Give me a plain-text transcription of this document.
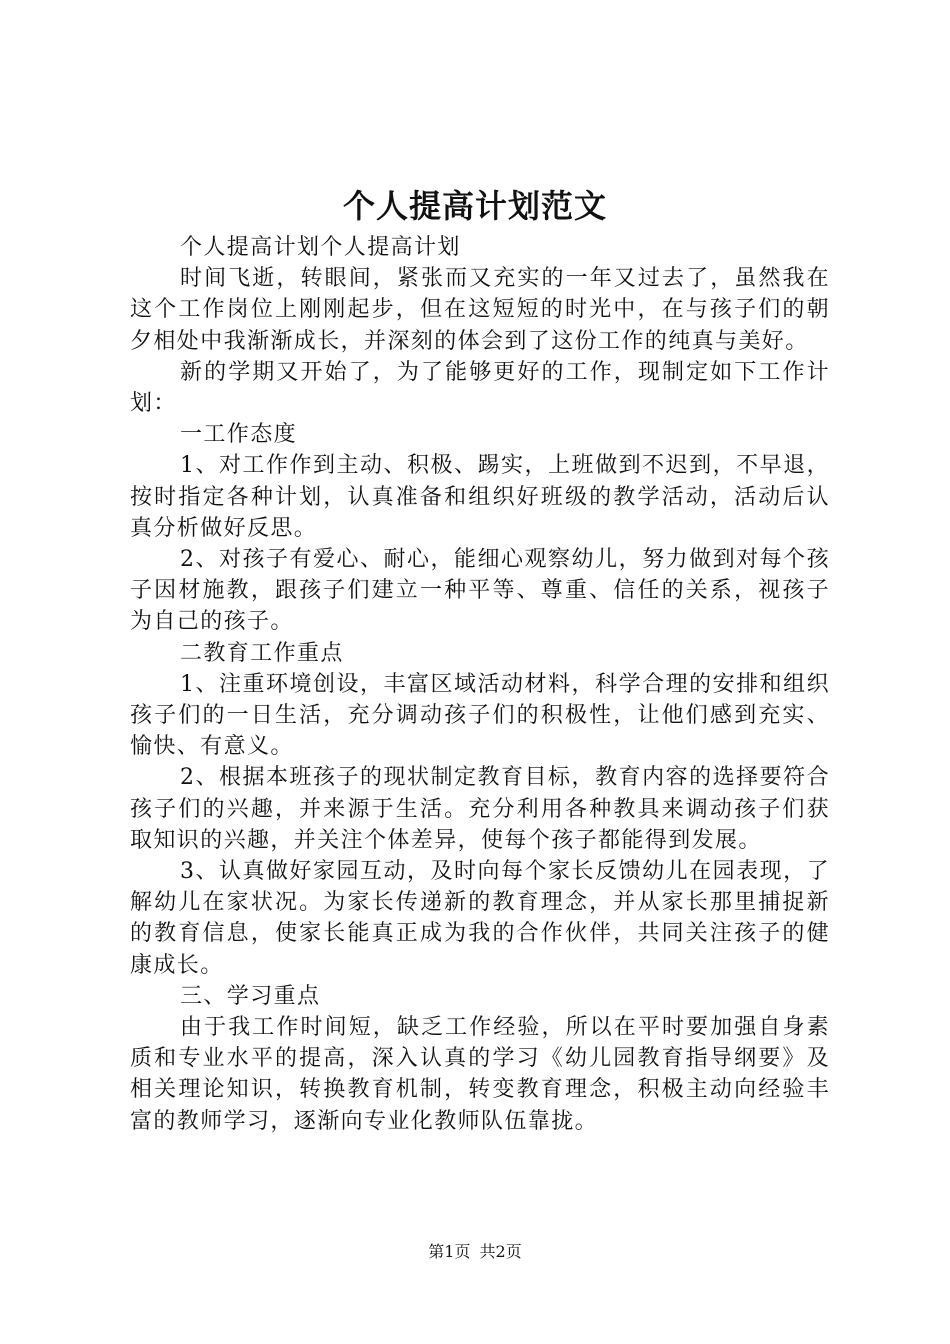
个人提高计划范文

个人提高计划个人提高计划

时间飞逝，转眼间，紧张而又充实的一年又过去了，虽然我在这个工作岗位上刚刚起步，但在这短短的时光中，在与孩子们的朝夕相处中我渐渐成长，并深刻的体会到了这份工作的纯真与美好。

新的学期又开始了，为了能够更好的工作，现制定如下工作计划：

一工作态度

1、对工作作到主动、积极、踢实，上班做到不迟到，不早退，按时指定各种计划，认真准备和组织好班级的教学活动，活动后认真分析做好反思。

2、对孩子有爱心、耐心，能细心观察幼儿，努力做到对每个孩子因材施教，跟孩子们建立一种平等、尊重、信任的关系，视孩子为自己的孩子。

二教育工作重点

1、注重环境创设，丰富区域活动材料，科学合理的安排和组织孩子们的一日生活，充分调动孩子们的积极性，让他们感到充实、愉快、有意义。

2、根据本班孩子的现状制定教育目标，教育内容的选择要符合孩子们的兴趣，并来源于生活。充分利用各种教具来调动孩子们获取知识的兴趣，并关注个体差异，使每个孩子都能得到发展。

3、认真做好家园互动，及时向每个家长反馈幼儿在园表现，了解幼儿在家状况。为家长传递新的教育理念，并从家长那里捕捉新的教育信息，使家长能真正成为我的合作伙伴，共同关注孩子的健康成长。

三、学习重点

由于我工作时间短，缺乏工作经验，所以在平时要加强自身素质和专业水平的提高，深入认真的学习《幼儿园教育指导纲要》及相关理论知识，转换教育机制，转变教育理念，积极主动向经验丰富的教师学习，逐渐向专业化教师队伍靠拢。

第1页 共2页
